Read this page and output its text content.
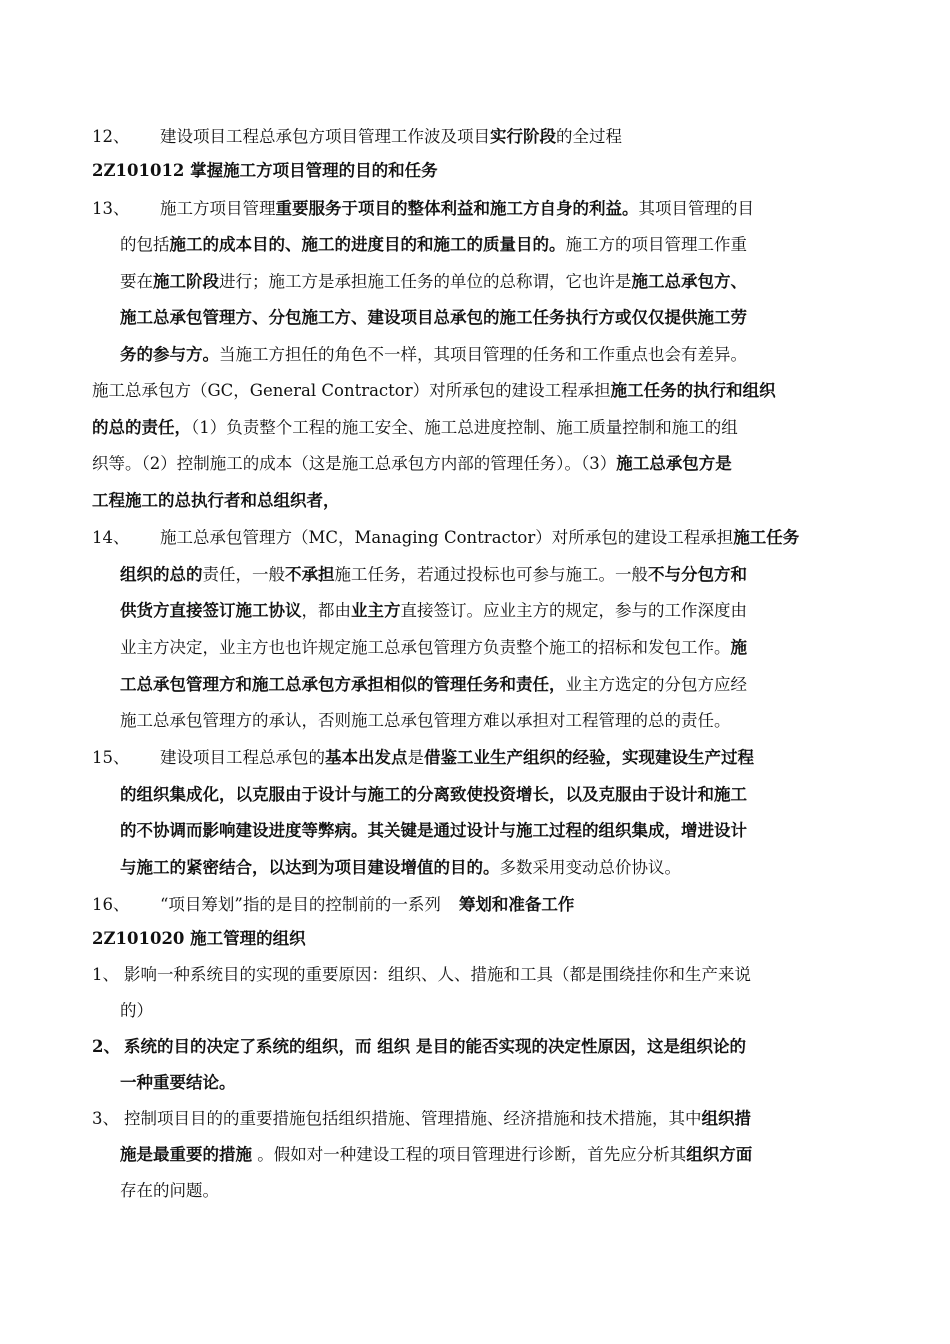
12、 建设项目工程总承包方项目管理工作波及项目实行阶段的全过程
2Z101012 掌握施工方项目管理的目的和任务
13、 施工方项目管理重要服务于项目的整体利益和施工方自身的利益。其项目管理的目
的包括施工的成本目的、施工的进度目的和施工的质量目的。施工方的项目管理工作重
要在施工阶段进行；施工方是承担施工任务的单位的总称谓，它也许是施工总承包方、
施工总承包管理方、分包施工方、建设项目总承包的施工任务执行方或仅仅提供施工劳
务的参与方。当施工方担任的角色不一样，其项目管理的任务和工作重点也会有差异。
施工总承包方（GC，General Contractor）对所承包的建设工程承担施工任务的执行和组织
的总的责任，（1）负责整个工程的施工安全、施工总进度控制、施工质量控制和施工的组
织等。（2）控制施工的成本（这是施工总承包方内部的管理任务）。（3）施工总承包方是
工程施工的总执行者和总组织者，
14、 施工总承包管理方（MC，Managing Contractor）对所承包的建设工程承担施工任务
组织的总的责任，一般不承担施工任务，若通过投标也可参与施工。一般不与分包方和
供货方直接签订施工协议，都由业主方直接签订。应业主方的规定，参与的工作深度由
业主方决定，业主方也也许规定施工总承包管理方负责整个施工的招标和发包工作。施
工总承包管理方和施工总承包方承担相似的管理任务和责任，业主方选定的分包方应经
施工总承包管理方的承认，否则施工总承包管理方难以承担对工程管理的总的责任。
15、 建设项目工程总承包的基本出发点是借鉴工业生产组织的经验，实现建设生产过程
的组织集成化，以克服由于设计与施工的分离致使投资增长，以及克服由于设计和施工
的不协调而影响建设进度等弊病。其关键是通过设计与施工过程的组织集成，增进设计
与施工的紧密结合，以达到为项目建设增值的目的。多数采用变动总价协议。
16、 “项目筹划”指的是目的控制前的一系列 筹划和准备工作
2Z101020 施工管理的组织
1、 影响一种系统目的实现的重要原因：组织、人、措施和工具（都是围绕挂你和生产来说
的）
2、 系统的目的决定了系统的组织，而 组织 是目的能否实现的决定性原因，这是组织论的
一种重要结论。
3、 控制项目目的的重要措施包括组织措施、管理措施、经济措施和技术措施，其中组织措
施是最重要的措施 。假如对一种建设工程的项目管理进行诊断，首先应分析其组织方面
存在的问题。
